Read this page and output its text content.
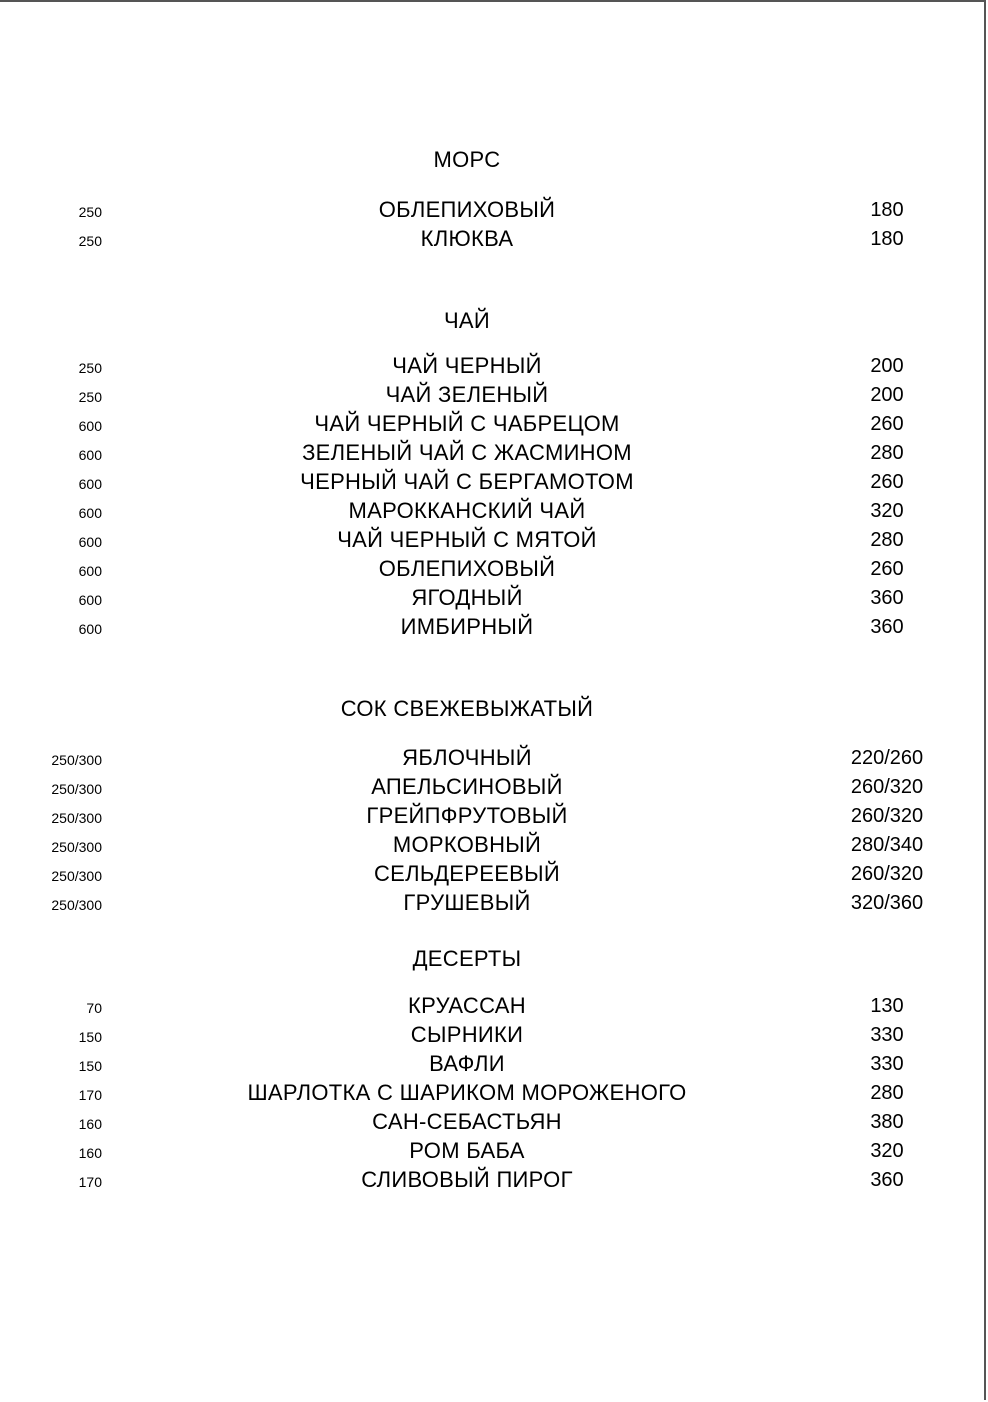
МОРС
250	ОБЛЕПИХОВЫЙ	180
250	КЛЮКВА	180
ЧАЙ
250	ЧАЙ ЧЕРНЫЙ	200
250	ЧАЙ ЗЕЛЕНЫЙ	200
600	ЧАЙ ЧЕРНЫЙ С ЧАБРЕЦОМ	260
600	ЗЕЛЕНЫЙ ЧАЙ С ЖАСМИНОМ	280
600	ЧЕРНЫЙ ЧАЙ С БЕРГАМОТОМ	260
600	МАРОККАНСКИЙ ЧАЙ	320
600	ЧАЙ ЧЕРНЫЙ С МЯТОЙ	280
600	ОБЛЕПИХОВЫЙ	260
600	ЯГОДНЫЙ	360
600	ИМБИРНЫЙ	360
СОК СВЕЖЕВЫЖАТЫЙ
250/300	ЯБЛОЧНЫЙ	220/260
250/300	АПЕЛЬСИНОВЫЙ	260/320
250/300	ГРЕЙПФРУТОВЫЙ	260/320
250/300	МОРКОВНЫЙ	280/340
250/300	СЕЛЬДЕРЕЕВЫЙ	260/320
250/300	ГРУШЕВЫЙ	320/360
ДЕСЕРТЫ
70	КРУАССАН	130
150	СЫРНИКИ	330
150	ВАФЛИ	330
170	ШАРЛОТКА С ШАРИКОМ МОРОЖЕНОГО	280
160	САН-СЕБАСТЬЯН	380
160	РОМ БАБА	320
170	СЛИВОВЫЙ ПИРОГ	360
